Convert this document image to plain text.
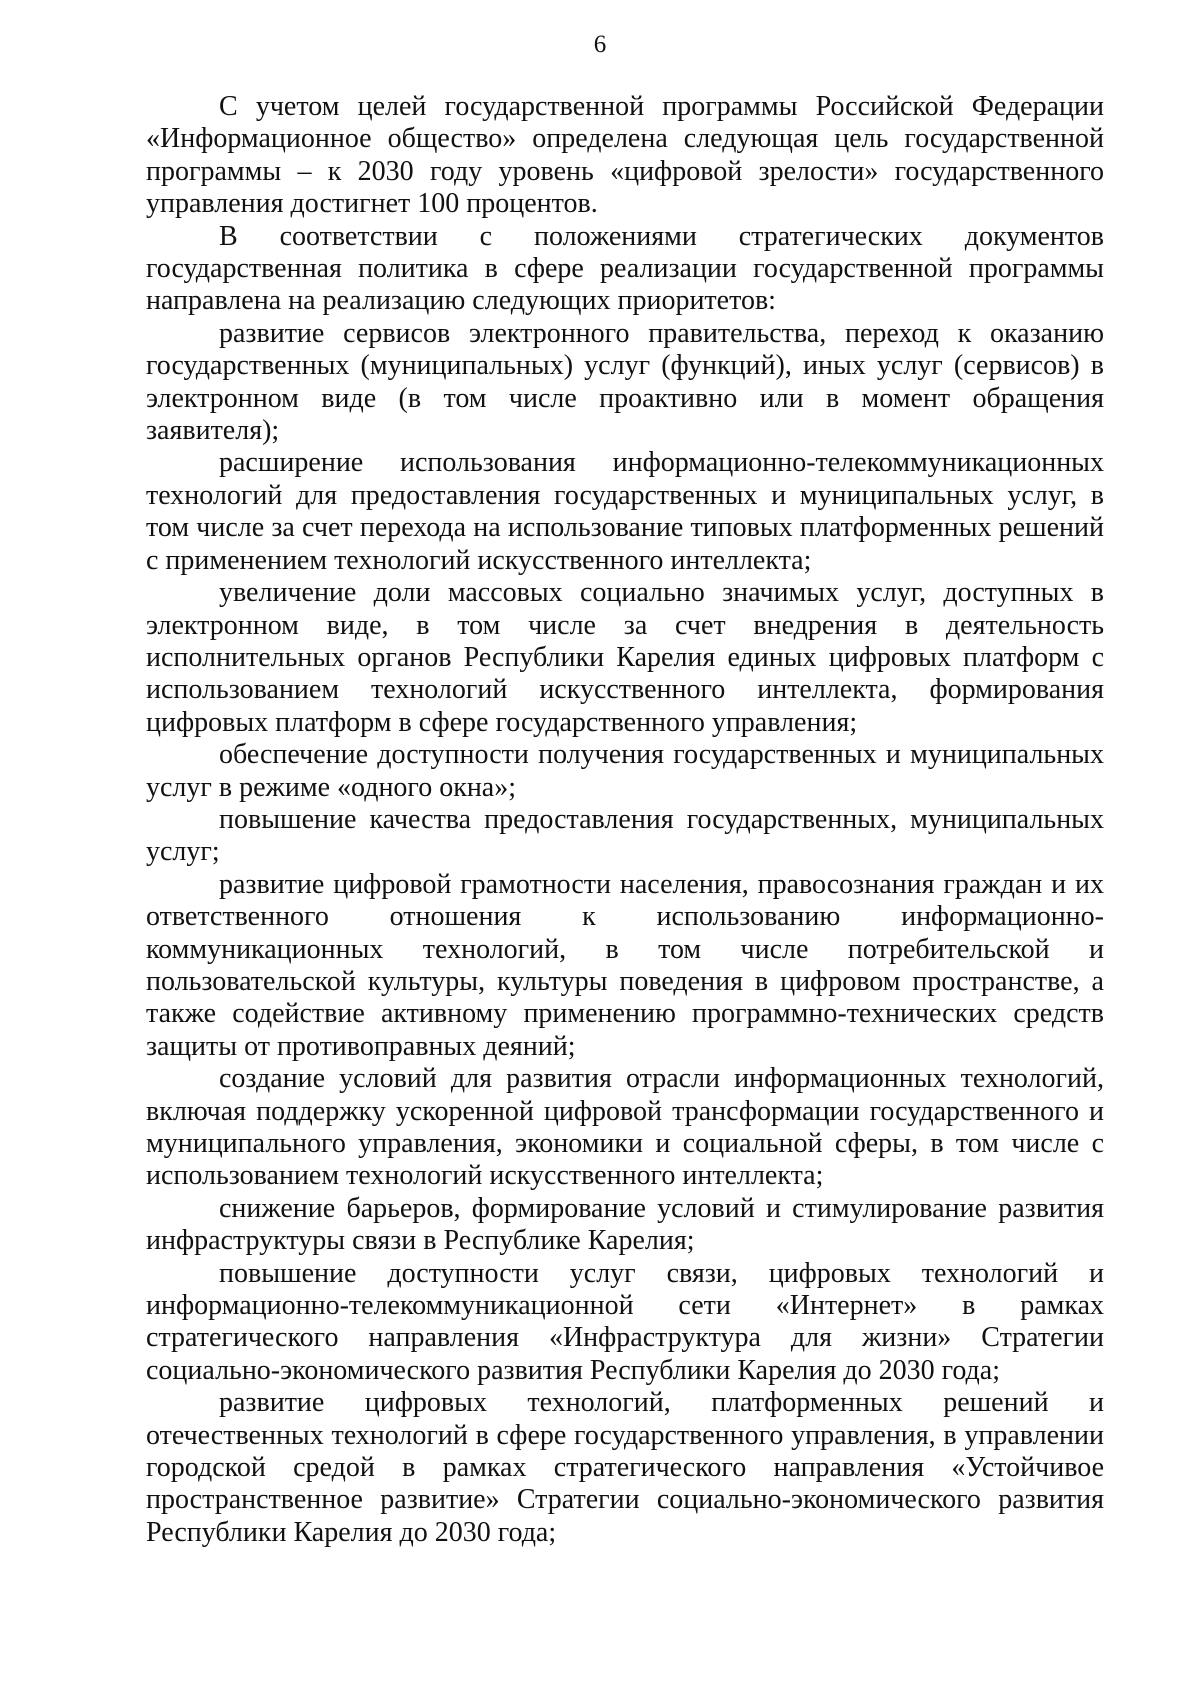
6

С учетом целей государственной программы Российской Федерации «Информационное общество» определена следующая цель государственной программы – к 2030 году уровень «цифровой зрелости» государственного управления достигнет 100 процентов.

В соответствии с положениями стратегических документов государственная политика в сфере реализации государственной программы направлена на реализацию следующих приоритетов:

развитие сервисов электронного правительства, переход к оказанию государственных (муниципальных) услуг (функций), иных услуг (сервисов) в электронном виде (в том числе проактивно или в момент обращения заявителя);

расширение использования информационно-телекоммуникационных технологий для предоставления государственных и муниципальных услуг, в том числе за счет перехода на использование типовых платформенных решений с применением технологий искусственного интеллекта;

увеличение доли массовых социально значимых услуг, доступных в электронном виде, в том числе за счет внедрения в деятельность исполнительных органов Республики Карелия единых цифровых платформ с использованием технологий искусственного интеллекта, формирования цифровых платформ в сфере государственного управления;

обеспечение доступности получения государственных и муниципальных услуг в режиме «одного окна»;

повышение качества предоставления государственных, муниципальных услуг;

развитие цифровой грамотности населения, правосознания граждан и их ответственного отношения к использованию информационно-коммуникационных технологий, в том числе потребительской и пользовательской культуры, культуры поведения в цифровом пространстве, а также содействие активному применению программно-технических средств защиты от противоправных деяний;

создание условий для развития отрасли информационных технологий, включая поддержку ускоренной цифровой трансформации государственного и муниципального управления, экономики и социальной сферы, в том числе с использованием технологий искусственного интеллекта;

снижение барьеров, формирование условий и стимулирование развития инфраструктуры связи в Республике Карелия;

повышение доступности услуг связи, цифровых технологий и информационно-телекоммуникационной сети «Интернет» в рамках стратегического направления «Инфраструктура для жизни» Стратегии социально-экономического развития Республики Карелия до 2030 года;

развитие цифровых технологий, платформенных решений и отечественных технологий в сфере государственного управления, в управлении городской средой в рамках стратегического направления «Устойчивое пространственное развитие» Стратегии социально-экономического развития Республики Карелия до 2030 года;
